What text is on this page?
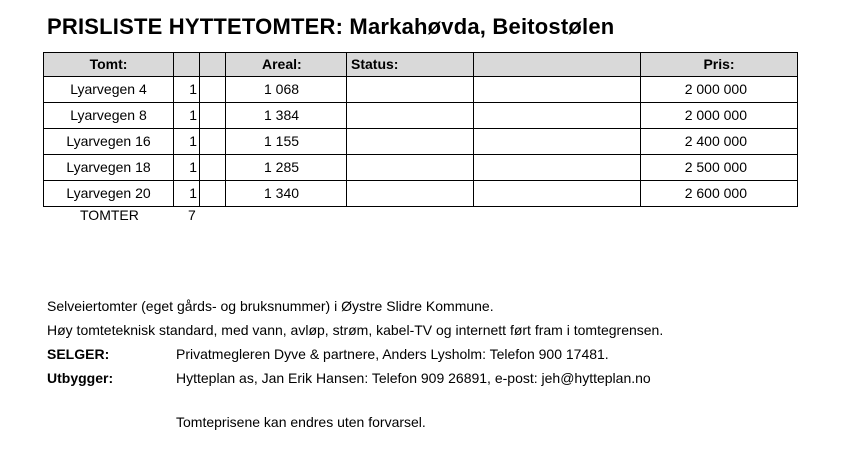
PRISLISTE HYTTETOMTER: Markahøvda, Beitostølen
Tomt:			Areal:	Status:		Pris:
Lyarvegen 4	1		1 068			2 000 000
Lyarvegen 8	1		1 384			2 000 000
Lyarvegen 16	1		1 155			2 400 000
Lyarvegen 18	1		1 285			2 500 000
Lyarvegen 20	1		1 340			2 600 000
TOMTER	7
Selveiertomter (eget gårds- og bruksnummer) i Øystre Slidre Kommune.
Høy tomteteknisk standard, med vann, avløp, strøm, kabel-TV og internett ført fram i tomtegrensen.
SELGER:	Privatmegleren Dyve & partnere, Anders Lysholm: Telefon 900 17481.
Utbygger:	Hytteplan as, Jan Erik Hansen: Telefon 909 26891, e-post: jeh@hytteplan.no
Tomteprisene kan endres uten forvarsel.
